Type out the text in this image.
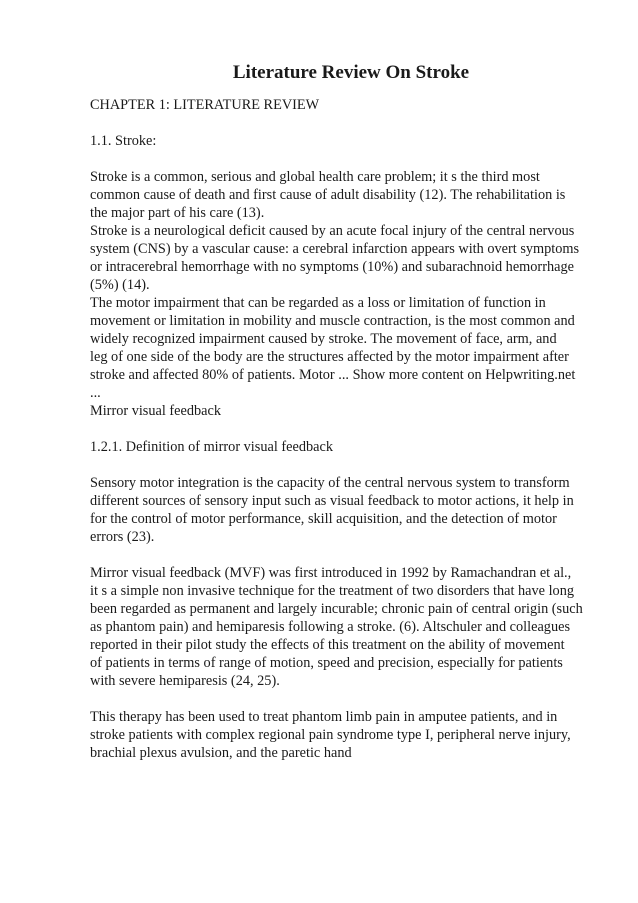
Literature Review On Stroke
CHAPTER 1: LITERATURE REVIEW
1.1. Stroke:
Stroke is a common, serious and global health care problem; it s the third most
common cause of death and first cause of adult disability (12). The rehabilitation is
the major part of his care (13).
Stroke is a neurological deficit caused by an acute focal injury of the central nervous
system (CNS) by a vascular cause: a cerebral infarction appears with overt symptoms
or intracerebral hemorrhage with no symptoms (10%) and subarachnoid hemorrhage
(5%) (14).
The motor impairment that can be regarded as a loss or limitation of function in
movement or limitation in mobility and muscle contraction, is the most common and
widely recognized impairment caused by stroke. The movement of face, arm, and
leg of one side of the body are the structures affected by the motor impairment after
stroke and affected 80% of patients. Motor ... Show more content on Helpwriting.net
...
Mirror visual feedback
1.2.1. Definition of mirror visual feedback
Sensory motor integration is the capacity of the central nervous system to transform
different sources of sensory input such as visual feedback to motor actions, it help in
for the control of motor performance, skill acquisition, and the detection of motor
errors (23).
Mirror visual feedback (MVF) was first introduced in 1992 by Ramachandran et al.,
it s a simple non invasive technique for the treatment of two disorders that have long
been regarded as permanent and largely incurable; chronic pain of central origin (such
as phantom pain) and hemiparesis following a stroke. (6). Altschuler and colleagues
reported in their pilot study the effects of this treatment on the ability of movement
of patients in terms of range of motion, speed and precision, especially for patients
with severe hemiparesis (24, 25).
This therapy has been used to treat phantom limb pain in amputee patients, and in
stroke patients with complex regional pain syndrome type I, peripheral nerve injury,
brachial plexus avulsion, and the paretic hand
